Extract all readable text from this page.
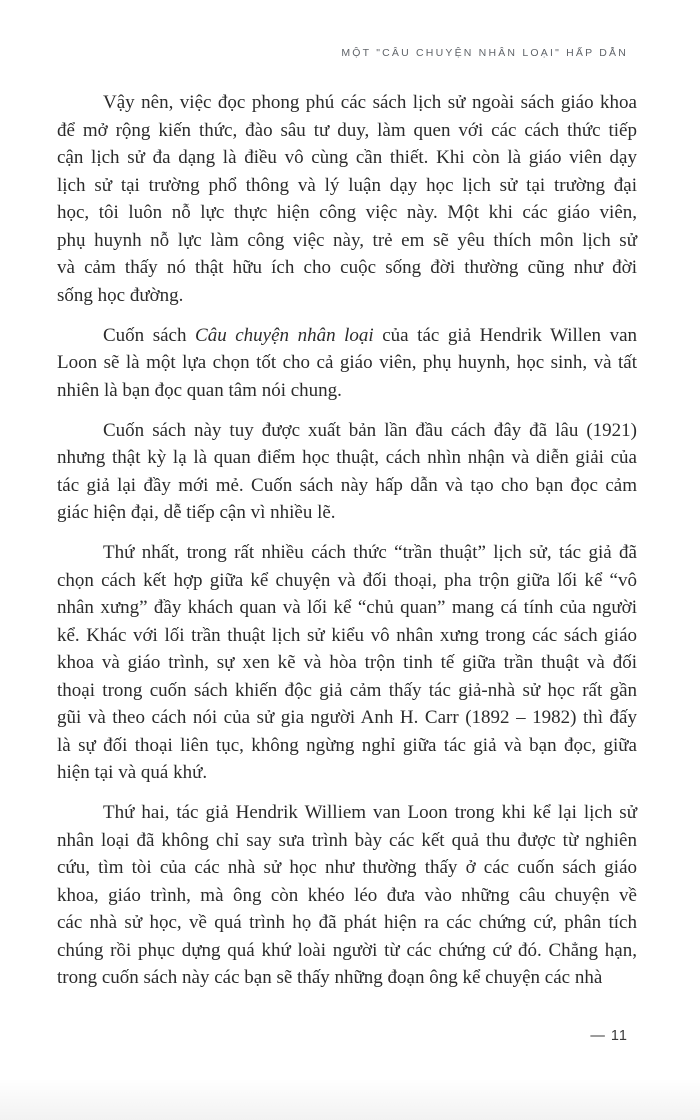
MỘT "CÂU CHUYỆN NHÂN LOẠI" HẤP DẪN

Vậy nên, việc đọc phong phú các sách lịch sử ngoài sách giáo khoa
để mở rộng kiến thức, đào sâu tư duy, làm quen với các cách thức tiếp
cận lịch sử đa dạng là điều vô cùng cần thiết. Khi còn là giáo viên dạy
lịch sử tại trường phổ thông và lý luận dạy học lịch sử tại trường đại
học, tôi luôn nỗ lực thực hiện công việc này. Một khi các giáo viên,
phụ huynh nỗ lực làm công việc này, trẻ em sẽ yêu thích môn lịch sử
và cảm thấy nó thật hữu ích cho cuộc sống đời thường cũng như đời
sống học đường.

Cuốn sách Câu chuyện nhân loại của tác giả Hendrik Willen van
Loon sẽ là một lựa chọn tốt cho cả giáo viên, phụ huynh, học sinh, và tất
nhiên là bạn đọc quan tâm nói chung.

Cuốn sách này tuy được xuất bản lần đầu cách đây đã lâu (1921)
nhưng thật kỳ lạ là quan điểm học thuật, cách nhìn nhận và diễn giải của
tác giả lại đầy mới mẻ. Cuốn sách này hấp dẫn và tạo cho bạn đọc cảm
giác hiện đại, dễ tiếp cận vì nhiều lẽ.

Thứ nhất, trong rất nhiều cách thức “trần thuật” lịch sử, tác giả đã
chọn cách kết hợp giữa kể chuyện và đối thoại, pha trộn giữa lối kể “vô
nhân xưng” đầy khách quan và lối kể “chủ quan” mang cá tính của người
kể. Khác với lối trần thuật lịch sử kiểu vô nhân xưng trong các sách giáo
khoa và giáo trình, sự xen kẽ và hòa trộn tinh tế giữa trần thuật và đối
thoại trong cuốn sách khiến độc giả cảm thấy tác giả-nhà sử học rất gần
gũi và theo cách nói của sử gia người Anh H. Carr (1892 – 1982) thì đấy
là sự đối thoại liên tục, không ngừng nghỉ giữa tác giả và bạn đọc, giữa
hiện tại và quá khứ.

Thứ hai, tác giả Hendrik Williem van Loon trong khi kể lại lịch sử
nhân loại đã không chỉ say sưa trình bày các kết quả thu được từ nghiên
cứu, tìm tòi của các nhà sử học như thường thấy ở các cuốn sách giáo
khoa, giáo trình, mà ông còn khéo léo đưa vào những câu chuyện về
các nhà sử học, về quá trình họ đã phát hiện ra các chứng cứ, phân tích
chúng rồi phục dựng quá khứ loài người từ các chứng cứ đó. Chẳng hạn,
trong cuốn sách này các bạn sẽ thấy những đoạn ông kể chuyện các nhà

— 11
